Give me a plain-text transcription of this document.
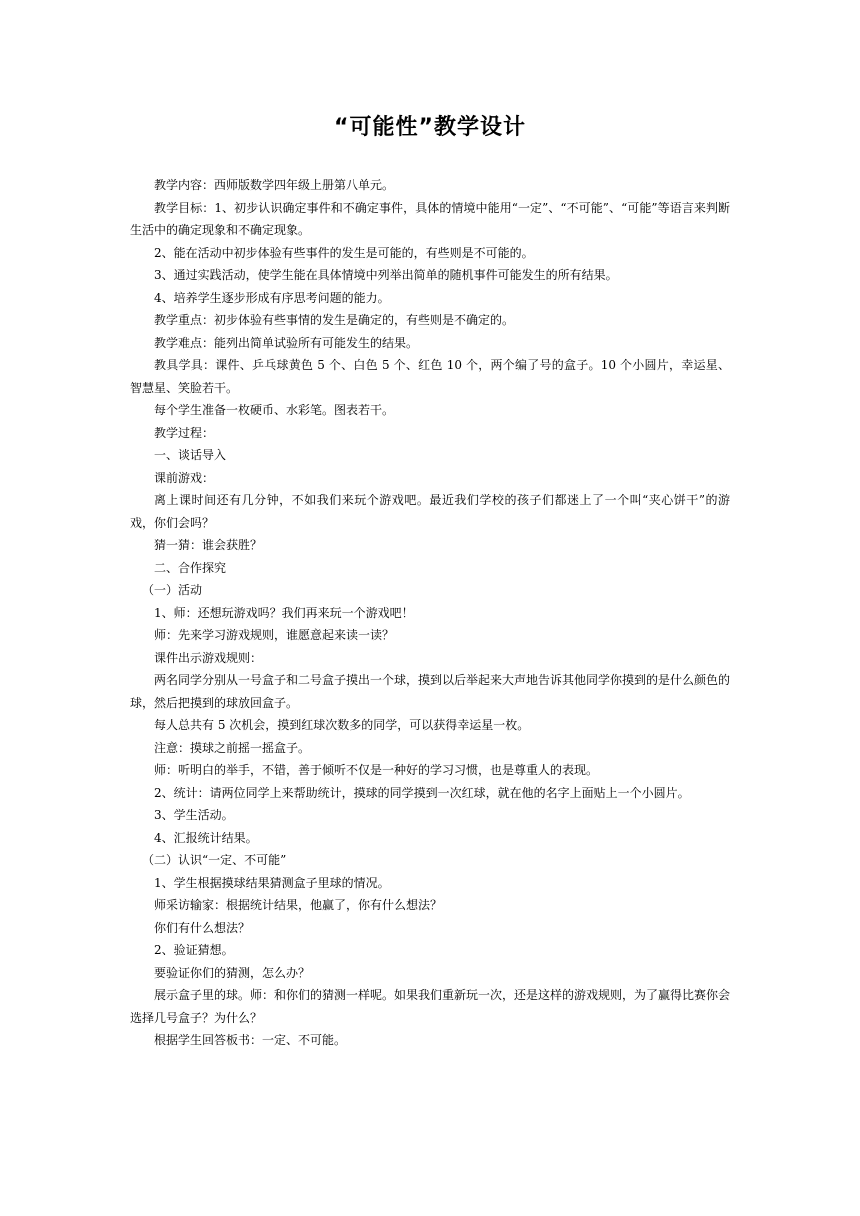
“可能性”教学设计

教学内容：西师版数学四年级上册第八单元。

教学目标：1、初步认识确定事件和不确定事件，具体的情境中能用“一定”、“不可能”、“可能”等语言来判断生活中的确定现象和不确定现象。

2、能在活动中初步体验有些事件的发生是可能的，有些则是不可能的。

3、通过实践活动，使学生能在具体情境中列举出简单的随机事件可能发生的所有结果。

4、培养学生逐步形成有序思考问题的能力。

教学重点：初步体验有些事情的发生是确定的，有些则是不确定的。

教学难点：能列出简单试验所有可能发生的结果。

教具学具：课件、乒乓球黄色 5 个、白色 5 个、红色 10 个，两个编了号的盒子。10 个小圆片，幸运星、智慧星、笑脸若干。

每个学生准备一枚硬币、水彩笔。图表若干。

教学过程：

一、谈话导入

课前游戏：

离上课时间还有几分钟，不如我们来玩个游戏吧。最近我们学校的孩子们都迷上了一个叫“夹心饼干”的游戏，你们会吗？

猜一猜：谁会获胜？

二、合作探究

（一）活动

1、师：还想玩游戏吗？我们再来玩一个游戏吧！

师：先来学习游戏规则，谁愿意起来读一读？

课件出示游戏规则：

两名同学分别从一号盒子和二号盒子摸出一个球，摸到以后举起来大声地告诉其他同学你摸到的是什么颜色的球，然后把摸到的球放回盒子。

每人总共有 5 次机会，摸到红球次数多的同学，可以获得幸运星一枚。

注意：摸球之前摇一摇盒子。

师：听明白的举手，不错，善于倾听不仅是一种好的学习习惯，也是尊重人的表现。

2、统计：请两位同学上来帮助统计，摸球的同学摸到一次红球，就在他的名字上面贴上一个小圆片。

3、学生活动。

4、汇报统计结果。

（二）认识“一定、不可能”

1、学生根据摸球结果猜测盒子里球的情况。

师采访输家：根据统计结果，他赢了，你有什么想法？

你们有什么想法？

2、验证猜想。

要验证你们的猜测，怎么办？

展示盒子里的球。师：和你们的猜测一样呢。如果我们重新玩一次，还是这样的游戏规则，为了赢得比赛你会选择几号盒子？为什么？

根据学生回答板书：一定、不可能。
